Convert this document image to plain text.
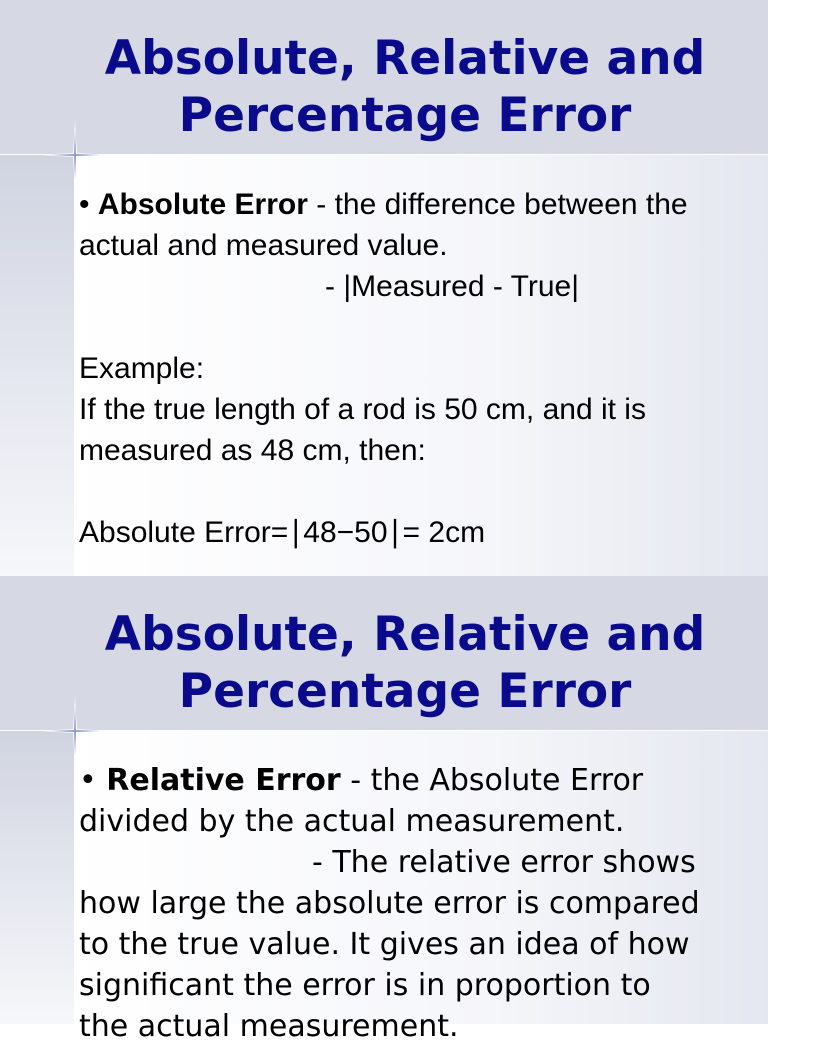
Absolute, Relative and
Percentage Error
• Absolute Error - the difference between the
actual and measured value.
- |Measured - True|
Example:
If the true length of a rod is 50 cm, and it is
measured as 48 cm, then:
Absolute Error=∣48−50∣= 2cm
Absolute, Relative and
Percentage Error
• Relative Error - the Absolute Error
divided by the actual measurement.
- The relative error shows
how large the absolute error is compared
to the true value. It gives an idea of how
significant the error is in proportion to
the actual measurement.
